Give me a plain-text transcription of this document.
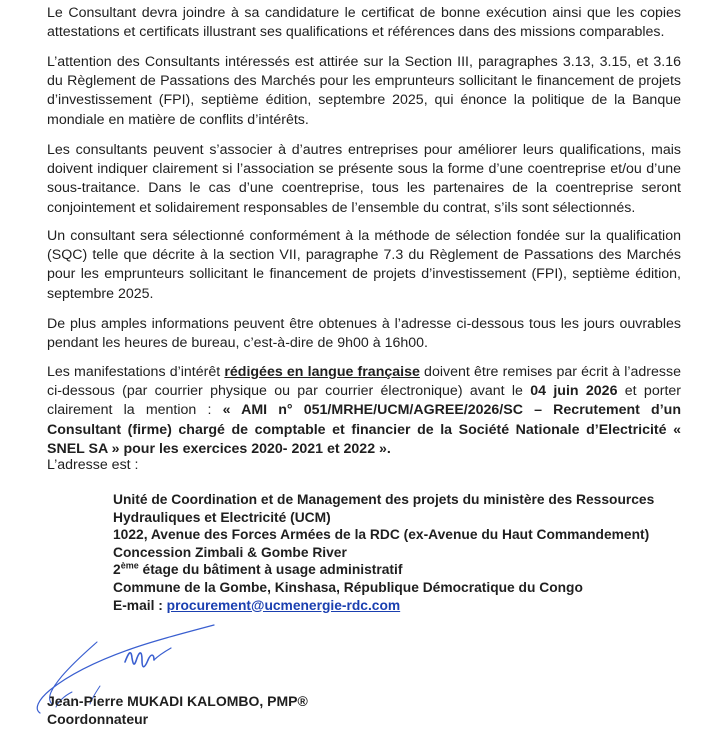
Le Consultant devra joindre à sa candidature le certificat de bonne exécution ainsi que les copies attestations et certificats illustrant ses qualifications et références dans des missions comparables.

L’attention des Consultants intéressés est attirée sur la Section III, paragraphes 3.13, 3.15, et 3.16 du Règlement de Passations des Marchés pour les emprunteurs sollicitant le financement de projets d’investissement (FPI), septième édition, septembre 2025, qui énonce la politique de la Banque mondiale en matière de conflits d’intérêts.

Les consultants peuvent s’associer à d’autres entreprises pour améliorer leurs qualifications, mais doivent indiquer clairement si l’association se présente sous la forme d’une coentreprise et/ou d’une sous-traitance. Dans le cas d’une coentreprise, tous les partenaires de la coentreprise seront conjointement et solidairement responsables de l’ensemble du contrat, s’ils sont sélectionnés.

Un consultant sera sélectionné conformément à la méthode de sélection fondée sur la qualification (SQC) telle que décrite à la section VII, paragraphe 7.3 du Règlement de Passations des Marchés pour les emprunteurs sollicitant le financement de projets d’investissement (FPI), septième édition, septembre 2025.

De plus amples informations peuvent être obtenues à l’adresse ci-dessous tous les jours ouvrables pendant les heures de bureau, c’est-à-dire de 9h00 à 16h00.

Les manifestations d’intérêt rédigées en langue française doivent être remises par écrit à l’adresse ci-dessous (par courrier physique ou par courrier électronique) avant le 04 juin 2026 et porter clairement la mention : « AMI n° 051/MRHE/UCM/AGREE/2026/SC – Recrutement d’un Consultant (firme) chargé de comptable et financier de la Société Nationale d’Electricité « SNEL SA » pour les exercices 2020- 2021 et 2022 ».

L’adresse est :

Unité de Coordination et de Management des projets du ministère des Ressources
Hydrauliques et Electricité (UCM)
1022, Avenue des Forces Armées de la RDC (ex-Avenue du Haut Commandement)
Concession Zimbali & Gombe River
2ème étage du bâtiment à usage administratif
Commune de la Gombe, Kinshasa, République Démocratique du Congo
E-mail : procurement@ucmenergie-rdc.com

Jean-Pierre MUKADI KALOMBO, PMP®

Coordonnateur
